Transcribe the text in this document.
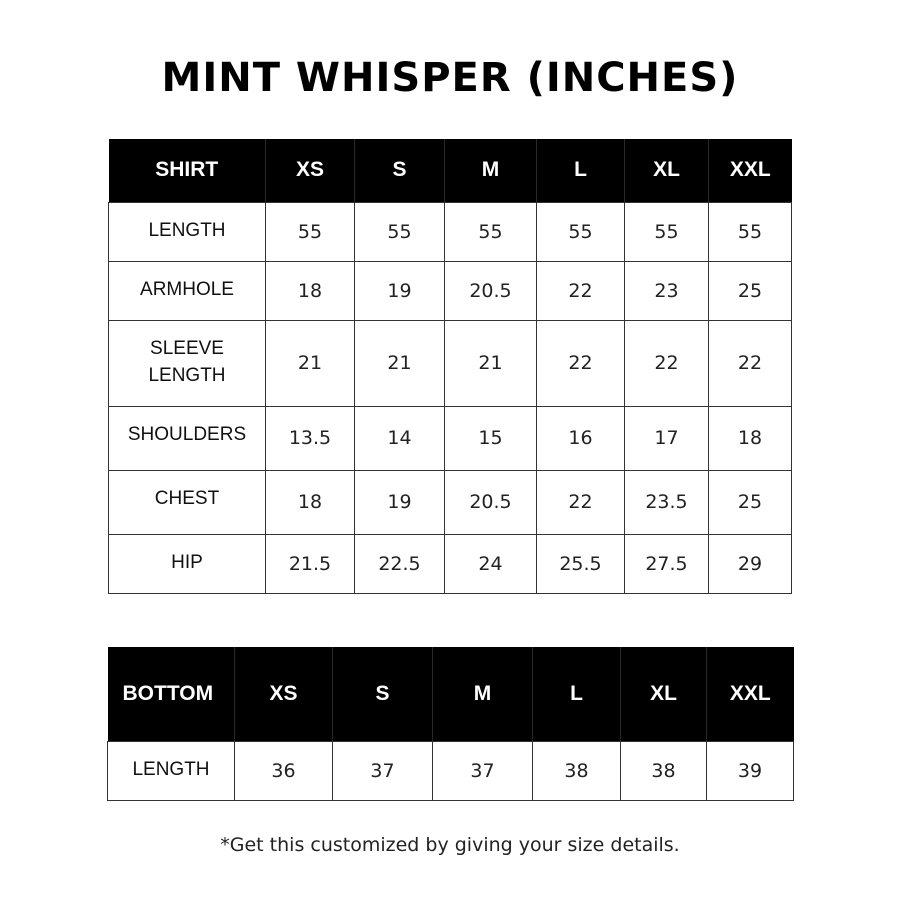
MINT WHISPER (INCHES)
SHIRT	XS	S	M	L	XL	XXL
LENGTH	55	55	55	55	55	55
ARMHOLE	18	19	20.5	22	23	25
SLEEVE LENGTH	21	21	21	22	22	22
SHOULDERS	13.5	14	15	16	17	18
CHEST	18	19	20.5	22	23.5	25
HIP	21.5	22.5	24	25.5	27.5	29
BOTTOM	XS	S	M	L	XL	XXL
LENGTH	36	37	37	38	38	39
*Get this customized by giving your size details.
